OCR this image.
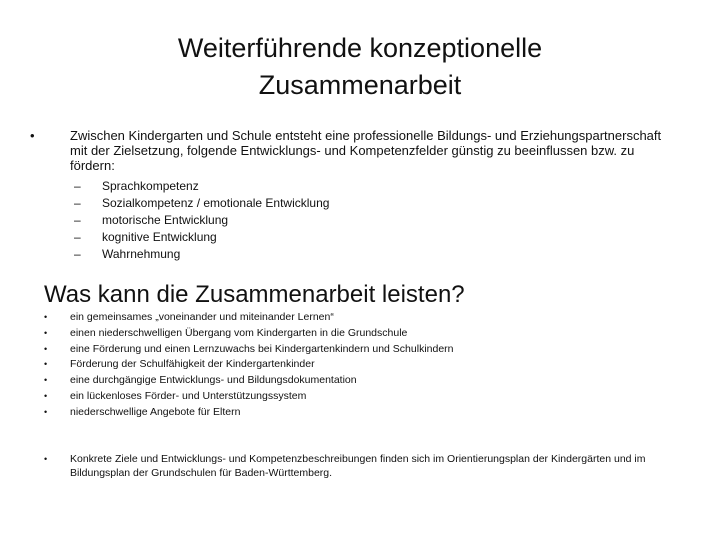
Weiterführende konzeptionelle
Zusammenarbeit
•	Zwischen Kindergarten und Schule entsteht eine professionelle Bildungs- und Erziehungspartnerschaft mit der Zielsetzung, folgende Entwicklungs- und Kompetenzfelder günstig zu beeinflussen bzw. zu fördern:
– Sprachkompetenz
– Sozialkompetenz / emotionale Entwicklung
– motorische Entwicklung
– kognitive Entwicklung
– Wahrnehmung
Was kann die Zusammenarbeit leisten?
• ein gemeinsames „voneinander und miteinander Lernen“
• einen niederschwelligen Übergang vom Kindergarten in die Grundschule
• eine Förderung und einen Lernzuwachs bei Kindergartenkindern und Schulkindern
• Förderung der Schulfähigkeit der Kindergartenkinder
• eine durchgängige Entwicklungs- und Bildungsdokumentation
• ein lückenloses Förder- und Unterstützungssystem
• niederschwellige Angebote für Eltern
• Konkrete Ziele und Entwicklungs- und Kompetenzbeschreibungen finden sich im Orientierungsplan der Kindergärten und im Bildungsplan der Grundschulen für Baden-Württemberg.
